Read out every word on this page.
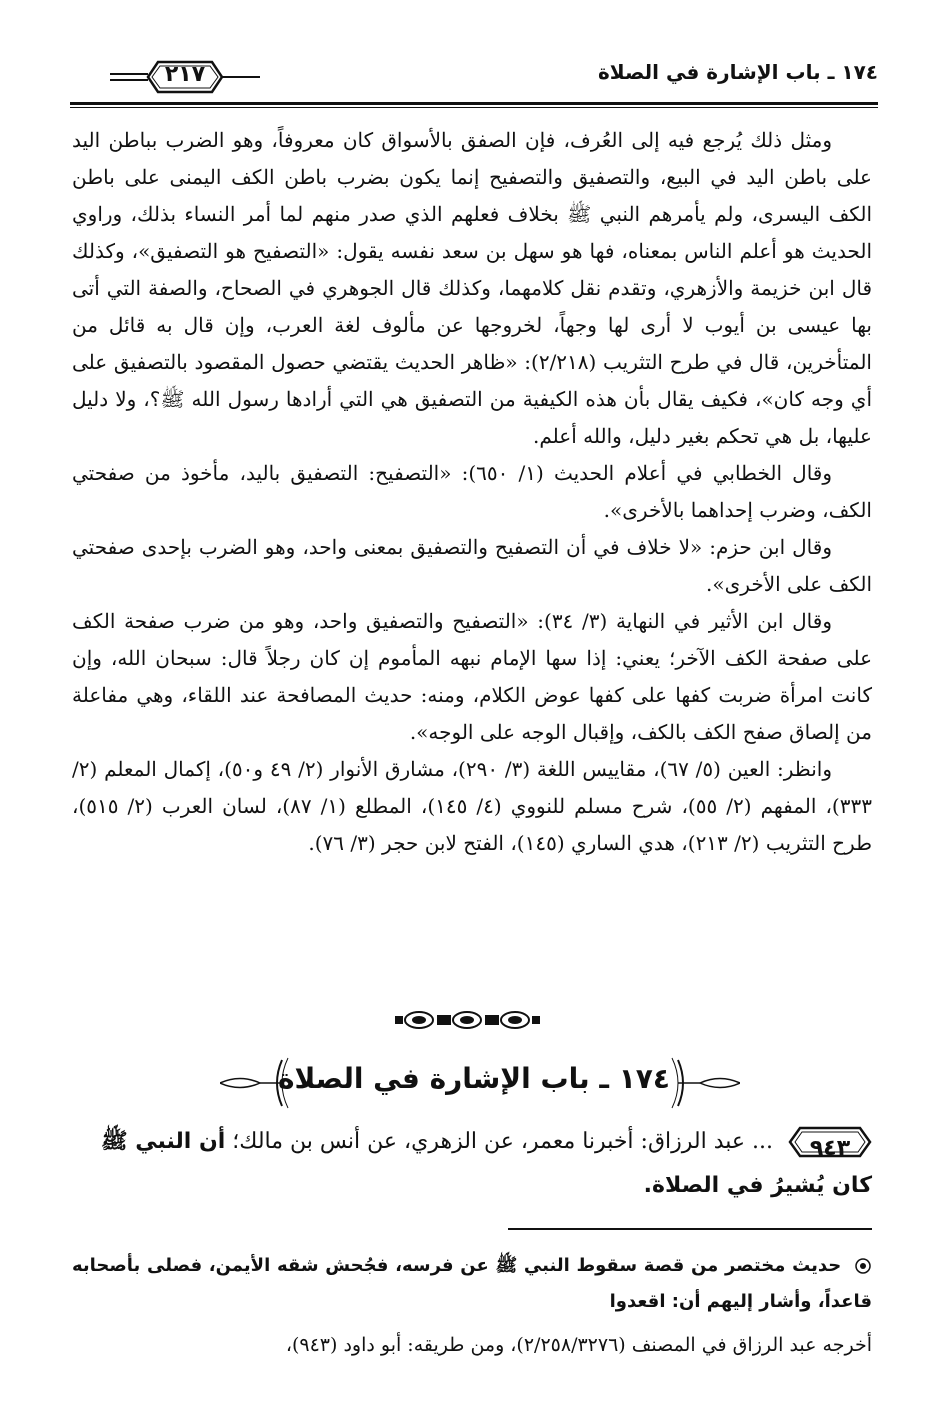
١٧٤ ـ باب الإشارة في الصلاة
٢١٧

ومثل ذلك يُرجع فيه إلى العُرف، فإن الصفق بالأسواق كان معروفاً، وهو الضرب بباطن اليد على باطن اليد في البيع، والتصفيق والتصفيح إنما يكون بضرب باطن الكف اليمنى على باطن الكف اليسرى، ولم يأمرهم النبي ﷺ بخلاف فعلهم الذي صدر منهم لما أمر النساء بذلك، وراوي الحديث هو أعلم الناس بمعناه، فها هو سهل بن سعد نفسه يقول: «التصفيح هو التصفيق»، وكذلك قال ابن خزيمة والأزهري، وتقدم نقل كلامهما، وكذلك قال الجوهري في الصحاح، والصفة التي أتى بها عيسى بن أيوب لا أرى لها وجهاً، لخروجها عن مألوف لغة العرب، وإن قال به قائل من المتأخرين، قال في طرح التثريب (٢/٢١٨): «ظاهر الحديث يقتضي حصول المقصود بالتصفيق على أي وجه كان»، فكيف يقال بأن هذه الكيفية من التصفيق هي التي أرادها رسول الله ﷺ؟، ولا دليل عليها، بل هي تحكم بغير دليل، والله أعلم.

وقال الخطابي في أعلام الحديث (١/ ٦٥٠): «التصفيح: التصفيق باليد، مأخوذ من صفحتي الكف، وضرب إحداهما بالأخرى».

وقال ابن حزم: «لا خلاف في أن التصفيح والتصفيق بمعنى واحد، وهو الضرب بإحدى صفحتي الكف على الأخرى».

وقال ابن الأثير في النهاية (٣/ ٣٤): «التصفيح والتصفيق واحد، وهو من ضرب صفحة الكف على صفحة الكف الآخر؛ يعني: إذا سها الإمام نبهه المأموم إن كان رجلاً قال: سبحان الله، وإن كانت امرأة ضربت كفها على كفها عوض الكلام، ومنه: حديث المصافحة عند اللقاء، وهي مفاعلة من إلصاق صفح الكف بالكف، وإقبال الوجه على الوجه».

وانظر: العين (٥/ ٦٧)، مقاييس اللغة (٣/ ٢٩٠)، مشارق الأنوار (٢/ ٤٩ و٥٠)، إكمال المعلم (٢/ ٣٣٣)، المفهم (٢/ ٥٥)، شرح مسلم للنووي (٤/ ١٤٥)، المطلع (١/ ٨٧)، لسان العرب (٢/ ٥١٥)، طرح التثريب (٢/ ٢١٣)، هدي الساري (١٤٥)، الفتح لابن حجر (٣/ ٧٦).

١٧٤ ـ باب الإشارة في الصلاة
٩٤٣
... عبد الرزاق: أخبرنا معمر، عن الزهري، عن أنس بن مالك؛ أن النبي ﷺ كان يُشيرُ في الصلاة.

حديث مختصر من قصة سقوط النبي ﷺ عن فرسه، فجُحش شقه الأيمن، فصلى بأصحابه قاعداً، وأشار إليهم أن: اقعدوا

أخرجه عبد الرزاق في المصنف (٢/٢٥٨/٣٢٧٦)، ومن طريقه: أبو داود (٩٤٣)،
